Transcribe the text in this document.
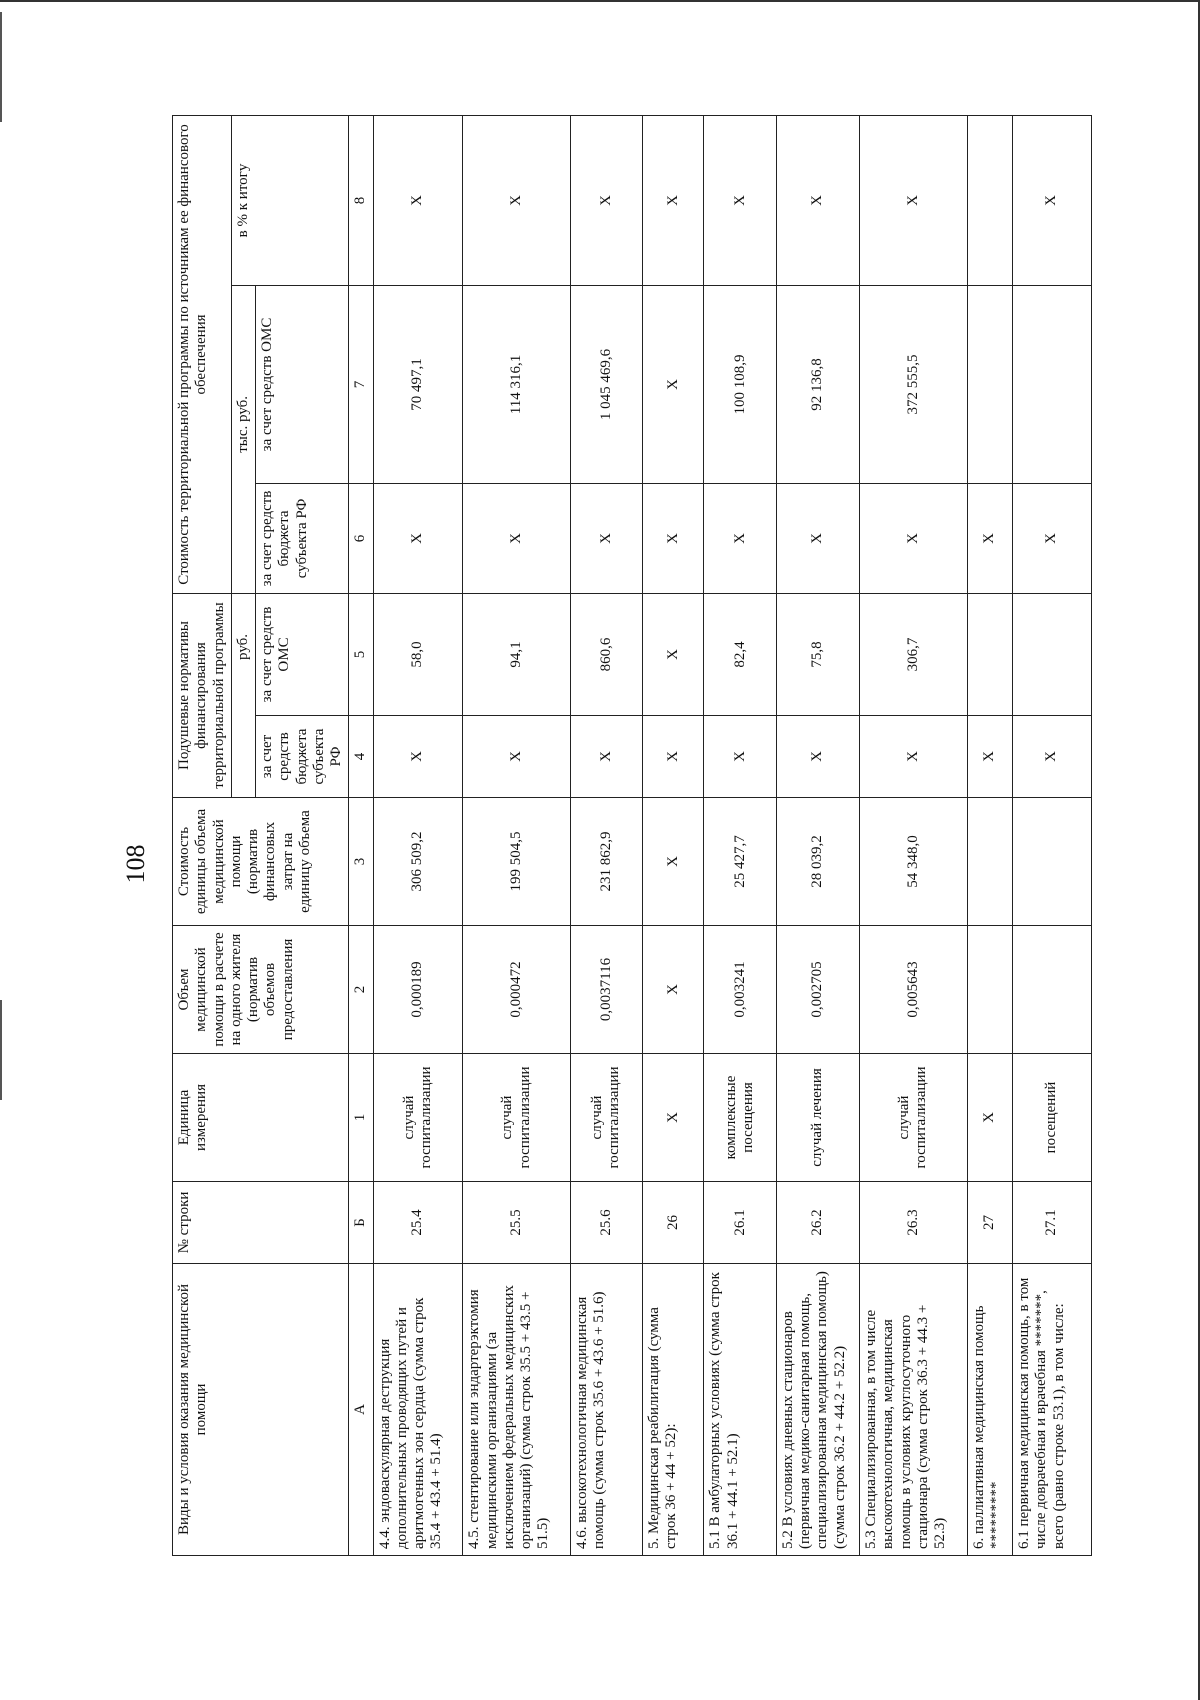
108
Виды и условия оказания медицинской помощи	№ строки	Единица измерения	Объем медицинской помощи в расчете на одного жителя (норматив объемов предоставления	Стоимость единицы объема медицинской помощи (норматив финансовых затрат на единицу объема	Подушевые нормативы финансирования территориальной программы		Стоимость территориальной программы по источникам ее финансового обеспечения		
					руб.		тыс. руб.		в % к итогу
					за счет средств бюджета субъекта РФ	за счет средств ОМС	за счет средств бюджета субъекта РФ	за счет средств ОМС	
А	Б	1	2	3	4	5	6	7	8
4.4. эндоваскулярная деструкция дополнительных проводящих путей и аритмогенных зон сердца (сумма строк 35.4 + 43.4 + 51.4)	25.4	случай госпитализации	0,000189	306 509,2	Х	58,0	Х	70 497,1	Х
4.5. стентирование или эндартерэктомия медицинскими организациями (за исключением федеральных медицинских организаций) (сумма строк 35.5 + 43.5 + 51.5)	25.5	случай госпитализации	0,000472	199 504,5	Х	94,1	Х	114 316,1	Х
4.6. высокотехнологичная медицинская помощь (сумма строк 35.6 + 43.6 + 51.6)	25.6	случай госпитализации	0,0037116	231 862,9	Х	860,6	Х	1 045 469,6	Х
5. Медицинская реабилитация (сумма строк 36 + 44 + 52):	26	Х	Х	Х	Х	Х	Х	Х	Х
5.1 В амбулаторных условиях (сумма строк 36.1 + 44.1 + 52.1)	26.1	комплексные посещения	0,003241	25 427,7	Х	82,4	Х	100 108,9	Х
5.2 В условиях дневных стационаров (первичная медико-санитарная помощь, специализированная медицинская помощь) (сумма строк 36.2 + 44.2 + 52.2)	26.2	случай лечения	0,002705	28 039,2	Х	75,8	Х	92 136,8	Х
5.3 Специализированная, в том числе высокотехнологичная, медицинская помощь в условиях круглосуточного стационара (сумма строк 36.3 + 44.3 + 52.3)	26.3	случай госпитализации	0,005643	54 348,0	Х	306,7	Х	372 555,5	Х
6. паллиативная медицинская помощь *********	27	Х			Х		Х		
6.1 первичная медицинская помощь, в том числе доврачебная и врачебная *******, всего (равно строке 53.1), в том числе:	27.1	посещений			Х		Х		Х
